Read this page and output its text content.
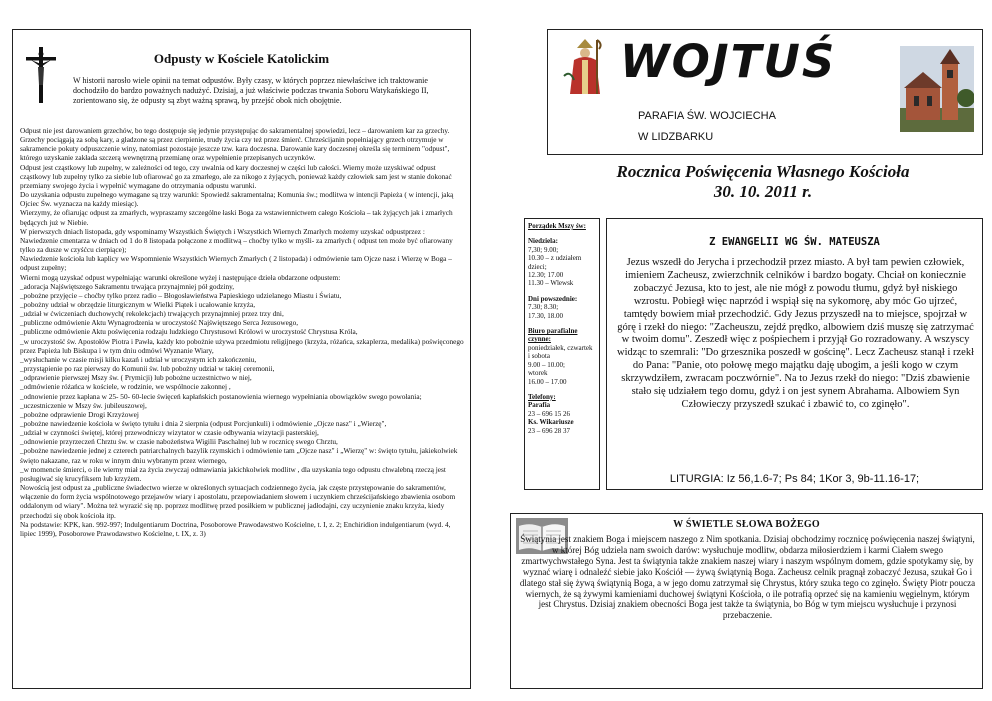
Odpusty w Kościele Katolickim
W historii narosło wiele opinii na temat odpustów. Były czasy, w których poprzez niewłaściwe ich traktowanie dochodziło do bardzo poważnych nadużyć. Dzisiaj, a już właściwie podczas trwania Soboru Watykańskiego II, zorientowano się, że odpusty są zbyt ważną sprawą, by przejść obok nich obojętnie.

Odpust nie jest darowaniem grzechów, bo tego dostępuje się jedynie przystępując do sakramentalnej spowiedzi, lecz – darowaniem kar za grzechy. Grzechy pociągają za sobą kary, a gładzone są przez cierpienie, trudy życia czy też przez śmierć. Chrześcijanin popełniający grzech otrzymuje w sakramencie pokuty odpuszczenie winy, natomiast pozostaje jeszcze tzw. kara doczesna. Darowanie kary doczesnej określa się terminem "odpust", którego uzyskanie zakłada szczerą wewnętrzną przemianę oraz wypełnienie przepisanych uczynków.

Odpust jest cząstkowy lub zupełny, w zależności od tego, czy uwalnia od kary doczesnej w części lub całości. Wierny może uzyskiwać odpust cząstkowy lub zupełny tylko za siebie lub ofiarować go za zmarłego, ale za nikogo z żyjących, ponieważ każdy człowiek sam jest w stanie dokonać przemiany swojego życia i wypełnić wymagane do otrzymania odpustu warunki.

Do uzyskania odpustu zupełnego wymagane są trzy warunki: Spowiedź sakramentalna; Komunia św.; modlitwa w intencji Papieża ( w intencji, jaką Ojciec Św. wyznacza na każdy miesiąc).

Wierzymy, że ofiarując odpust za zmarłych, wypraszamy szczególne łaski Boga za wstawiennictwem całego Kościoła – tak żyjących jak i zmarłych będących już w Niebie.

W pierwszych dniach listopada, gdy wspominamy Wszystkich Świętych i Wszystkich Wiernych Zmarłych możemy uzyskać odpustprzez :

Nawiedzenie cmentarza w dniach od 1 do 8 listopada połączone z modlitwą – choćby tylko w myśli- za zmarłych ( odpust ten może być ofiarowany tylko za dusze w czyśćcu cierpiące);

Nawiedzenie kościoła lub kaplicy we Wspomnienie Wszystkich Wiernych Zmarłych ( 2 listopada) i odmówienie tam Ojcze nasz i Wierzę w Boga – odpust zupełny;

Wierni mogą uzyskać odpust wypełniając warunki określone wyżej i następujące dzieła obdarzone odpustem:

_adoracja Najświętszego Sakramentu trwająca przynajmniej pół godziny,

_pobożne przyjęcie – choćby tylko przez radio – Błogosławieństwa Papieskiego udzielanego Miastu i Światu,

_pobożny udział w obrzędzie liturgicznym w Wielki Piątek i ucałowanie krzyża,

_udział w ćwiczeniach duchowych( rekolekcjach) trwających przynajmniej przez trzy dni,

_publiczne odmówienie Aktu Wynagrodzenia w uroczystość Najświętszego Serca Jezusowego,

_publiczne odmówienie Aktu poświęcenia rodzaju ludzkiego Chrystusowi Królowi w uroczystość Chrystusa Króla,

_w uroczystość św. Apostołów Piotra i Pawła, każdy kto pobożnie używa przedmiotu religijnego (krzyża, różańca, szkaplerza, medalika) poświęconego przez Papieża lub Biskupa i w tym dniu odmówi Wyznanie Wiary,

_wysłuchanie w czasie misji kilku kazań i udział w uroczystym ich zakończeniu,

_przystąpienie po raz pierwszy do Komunii św. lub pobożny udział w takiej ceremonii,

_odprawienie pierwszej Mszy św. ( Prymicji) lub pobożne uczestnictwo w niej,

_odmówienie różańca w kościele, w rodzinie, we wspólnocie zakonnej ,

_odnowienie przez kapłana w 25- 50- 60-lecie święceń kapłańskich postanowienia wiernego wypełniania obowiązków swego powołania;

_uczestniczenie w Mszy św. jubileuszowej,

_pobożne odprawienie Drogi Krzyżowej

_pobożne nawiedzenie kościoła w święto tytułu i dnia 2 sierpnia (odpust Porcjunkuli) i odmówienie „Ojcze nasz" i „Wierzę",

_udział w czynności świętej, której przewodniczy wizytator w czasie odbywania wizytacji pasterskiej,

_odnowienie przyrzeczeń Chrztu św. w czasie nabożeństwa Wigilii Paschalnej lub w rocznicę swego Chrztu,

_pobożne nawiedzenie jednej z czterech patriarchalnych bazylik rzymskich i odmówienie tam „Ojcze nasz" i „Wierzę" w: święto tytułu, jakiekolwiek święto nakazane, raz w roku w innym dniu wybranym przez wiernego,

_w momencie śmierci, o ile wierny miał za życia zwyczaj odmawiania jakichkolwiek modlitw , dla uzyskania tego odpustu chwalebną rzeczą jest posługiwać się krucyfiksem lub krzyżem.

Nowością jest odpust za „publiczne świadectwo wierze w określonych sytuacjach codziennego życia, jak częste przystępowanie do sakramentów, włączenie do form życia wspólnotowego przejawów wiary i apostolatu, przepowiadaniem słowem i uczynkiem chrześcijańskiego zbawienia osobom oddalonym od wiary". Można też wyrazić się np. poprzez modlitwę przed posiłkiem w publicznej jadłodajni, czy uczynienie znaku krzyża, kiedy przechodzi się obok kościoła itp.

Na podstawie: KPK, kan. 992-997; Indulgentiarum Doctrina, Posoborowe Prawodawstwo Kościelne, t. I, z. 2; Enchiridion indulgentiarum (wyd. 4, lipiec 1999), Posoborowe Prawodawstwo Kościelne, t. IX, z. 3)

WOJTUŚ
PARAFIA ŚW. WOJCIECHA
W LIDZBARKU
Rocznica Poświęcenia Własnego Kościoła
30. 10. 2011 r.
Porządek Mszy św:
Niedziela:
7,30; 9.00;
10.30 – z udziałem dzieci;
12.30; 17.00
11.30 – Wlewsk
Dni powszednie:
7.30; 8.30;
17.30, 18.00
Biuro parafialne czynne:
poniedziałek, czwartek i sobota
9.00 – 10.00;
wtorek
16.00 – 17.00
Telefony:
Parafia
23 – 696 15 26
Ks. Wikariusze
23 – 696 28 37
Z EWANGELII WG ŚW. MATEUSZA
Jezus wszedł do Jerycha i przechodził przez miasto. A był tam pewien człowiek, imieniem Zacheusz, zwierzchnik celników i bardzo bogaty. Chciał on koniecznie zobaczyć Jezusa, kto to jest, ale nie mógł z powodu tłumu, gdyż był niskiego wzrostu. Pobiegł więc naprzód i wspiął się na sykomorę, aby móc Go ujrzeć, tamtędy bowiem miał przechodzić. Gdy Jezus przyszedł na to miejsce, spojrzał w górę i rzekł do niego: "Zacheuszu, zejdź prędko, albowiem dziś muszę się zatrzymać w twoim domu". Zeszedł więc z pośpiechem i przyjął Go rozradowany. A wszyscy widząc to szemrali: "Do grzesznika poszedł w gościnę". Lecz Zacheusz stanął i rzekł do Pana: "Panie, oto połowę mego majątku daję ubogim, a jeśli kogo w czym skrzywdziłem, zwracam poczwórnie". Na to Jezus rzekł do niego: "Dziś zbawienie stało się udziałem tego domu, gdyż i on jest synem Abrahama. Albowiem Syn Człowieczy przyszedł szukać i zbawić to, co zginęło".
LITURGIA: Iz 56,1.6-7; Ps 84; 1Kor 3, 9b-11.16-17;
W ŚWIETLE SŁOWA BOŻEGO
Świątynia jest znakiem Boga i miejscem naszego z Nim spotkania. Dzisiaj obchodzimy rocznicę poświęcenia naszej świątyni, w której Bóg udziela nam swoich darów: wysłuchuje modlitw, obdarza miłosierdziem i karmi Ciałem swego zmartwychwstałego Syna. Jest ta świątynia także znakiem naszej wiary i naszym wspólnym domem, gdzie spotykamy się, by wyznać wiarę i odnaleźć siebie jako Kościół — żywą świątynią Boga. Zacheusz celnik pragnął zobaczyć Jezusa, szukał Go i dlatego stał się żywą świątynią Boga, a w jego domu zatrzymał się Chrystus, który szuka tego co zginęło. Święty Piotr poucza wiernych, że są żywymi kamieniami duchowej świątyni Kościoła, o ile potrafią oprzeć się na kamieniu węgielnym, którym jest Chrystus. Dzisiaj znakiem obecności Boga jest także ta świątynia, bo Bóg w tym miejscu wysłuchuje i przynosi przebaczenie.
